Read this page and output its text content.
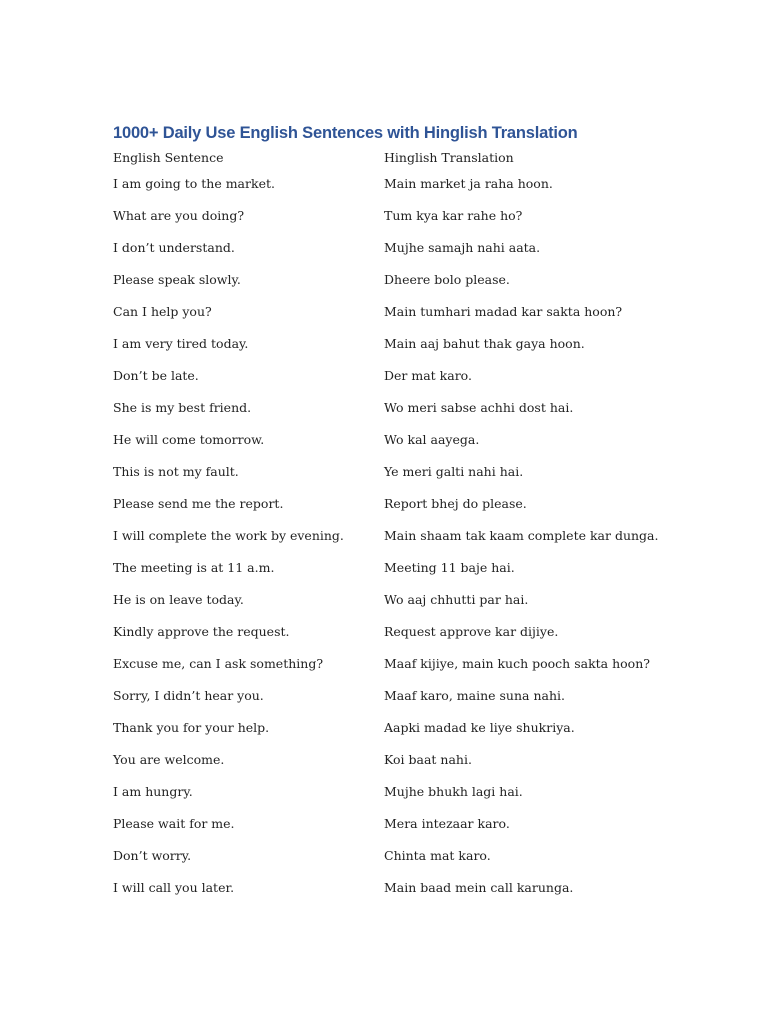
1000+ Daily Use English Sentences with Hinglish Translation
English Sentence	Hinglish Translation
I am going to the market.	Main market ja raha hoon.
What are you doing?	Tum kya kar rahe ho?
I don’t understand.	Mujhe samajh nahi aata.
Please speak slowly.	Dheere bolo please.
Can I help you?	Main tumhari madad kar sakta hoon?
I am very tired today.	Main aaj bahut thak gaya hoon.
Don’t be late.	Der mat karo.
She is my best friend.	Wo meri sabse achhi dost hai.
He will come tomorrow.	Wo kal aayega.
This is not my fault.	Ye meri galti nahi hai.
Please send me the report.	Report bhej do please.
I will complete the work by evening.	Main shaam tak kaam complete kar dunga.
The meeting is at 11 a.m.	Meeting 11 baje hai.
He is on leave today.	Wo aaj chhutti par hai.
Kindly approve the request.	Request approve kar dijiye.
Excuse me, can I ask something?	Maaf kijiye, main kuch pooch sakta hoon?
Sorry, I didn’t hear you.	Maaf karo, maine suna nahi.
Thank you for your help.	Aapki madad ke liye shukriya.
You are welcome.	Koi baat nahi.
I am hungry.	Mujhe bhukh lagi hai.
Please wait for me.	Mera intezaar karo.
Don’t worry.	Chinta mat karo.
I will call you later.	Main baad mein call karunga.
